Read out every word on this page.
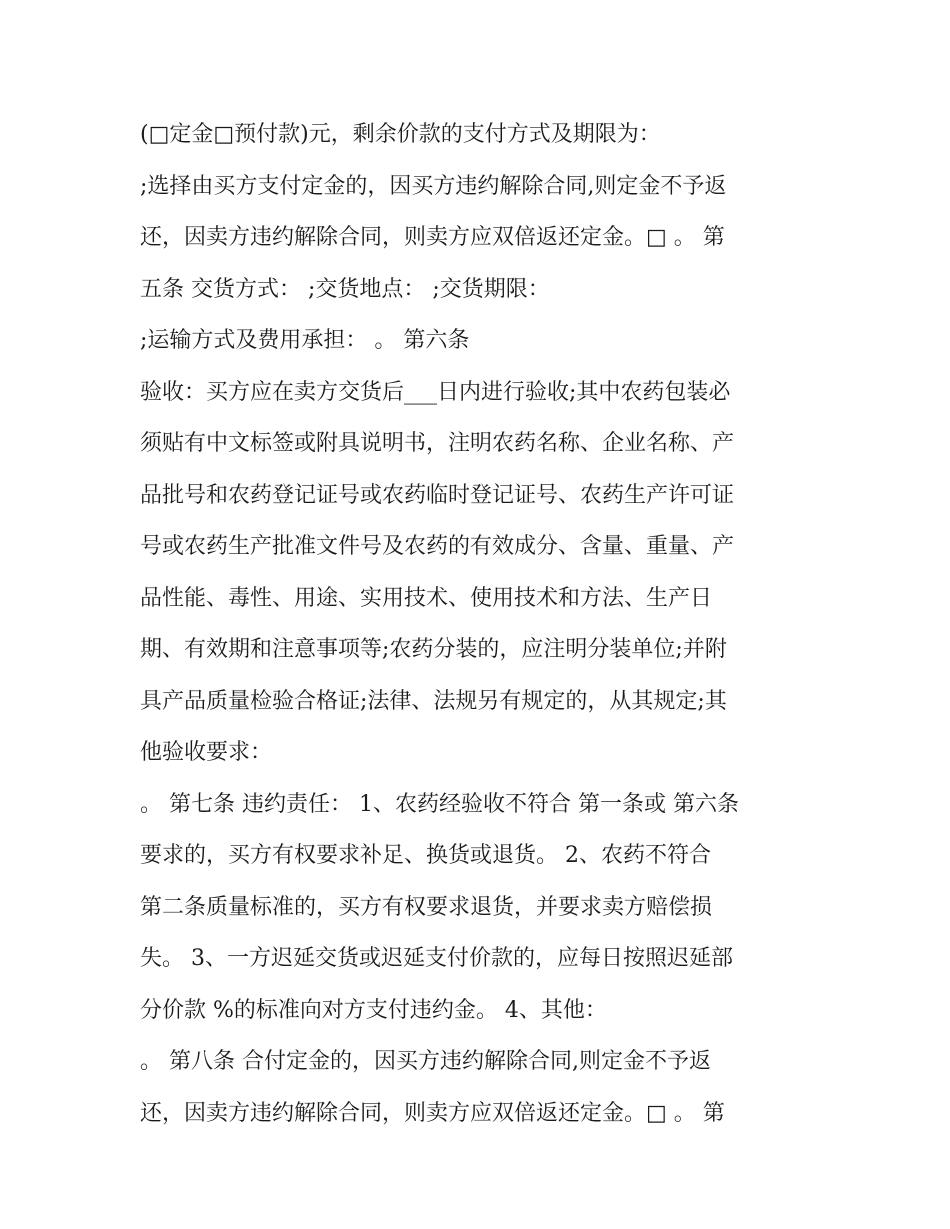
(□定金□预付款)元，剩余价款的支付方式及期限为：
;选择由买方支付定金的，因买方违约解除合同,则定金不予返
还，因卖方违约解除合同，则卖方应双倍返还定金。□ 。 第
五条 交货方式： ;交货地点： ;交货期限：
;运输方式及费用承担： 。 第六条
验收：买方应在卖方交货后___日内进行验收;其中农药包装必
须贴有中文标签或附具说明书，注明农药名称、企业名称、产
品批号和农药登记证号或农药临时登记证号、农药生产许可证
号或农药生产批准文件号及农药的有效成分、含量、重量、产
品性能、毒性、用途、实用技术、使用技术和方法、生产日
期、有效期和注意事项等;农药分装的，应注明分装单位;并附
具产品质量检验合格证;法律、法规另有规定的，从其规定;其
他验收要求：
。 第七条 违约责任： 1、农药经验收不符合 第一条或 第六条
要求的，买方有权要求补足、换货或退货。 2、农药不符合
第二条质量标准的，买方有权要求退货，并要求卖方赔偿损
失。 3、一方迟延交货或迟延支付价款的，应每日按照迟延部
分价款 %的标准向对方支付违约金。 4、其他：
。 第八条 合付定金的，因买方违约解除合同,则定金不予返
还，因卖方违约解除合同，则卖方应双倍返还定金。□ 。 第
